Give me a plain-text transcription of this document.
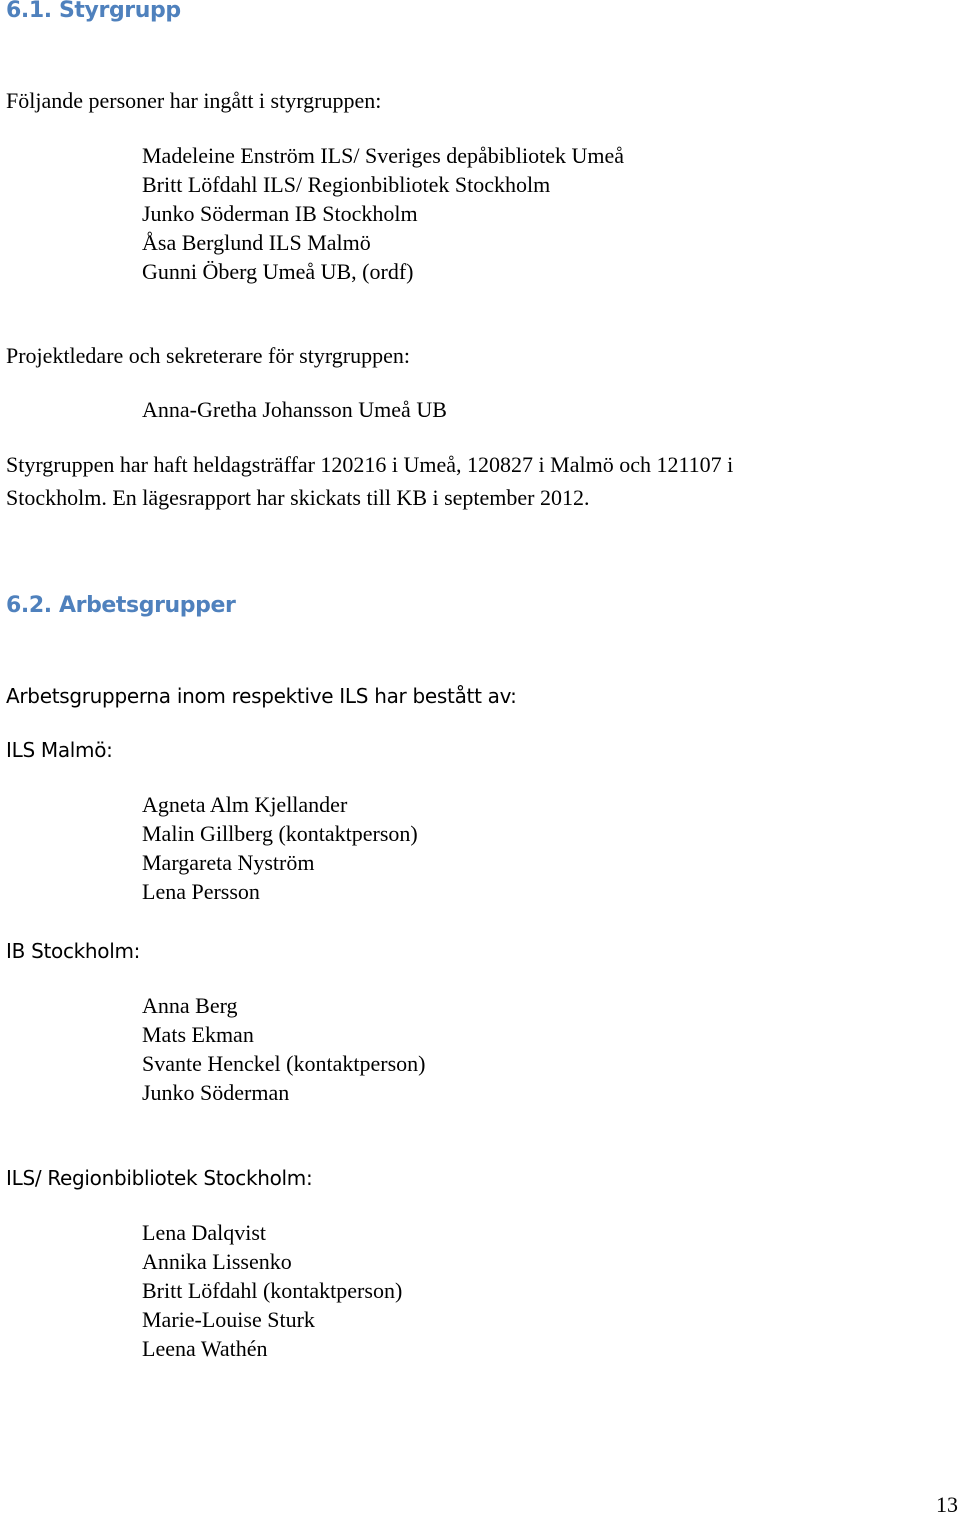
6.1. Styrgrupp
Följande personer har ingått i styrgruppen:
Madeleine Enström ILS/ Sveriges depåbibliotek Umeå
Britt Löfdahl ILS/ Regionbibliotek Stockholm
Junko Söderman IB Stockholm
Åsa Berglund ILS Malmö
Gunni Öberg Umeå UB, (ordf)
Projektledare och sekreterare för styrgruppen:
Anna-Gretha Johansson Umeå UB
Styrgruppen har haft heldagsträffar 120216 i Umeå, 120827 i Malmö och 121107 i
Stockholm. En lägesrapport har skickats till KB i september 2012.
6.2. Arbetsgrupper
Arbetsgrupperna inom respektive ILS har bestått av:
ILS Malmö:
Agneta Alm Kjellander
Malin Gillberg (kontaktperson)
Margareta Nyström
Lena Persson
IB Stockholm:
Anna Berg
Mats Ekman
Svante Henckel (kontaktperson)
Junko Söderman
ILS/ Regionbibliotek Stockholm:
Lena Dalqvist
Annika Lissenko
Britt Löfdahl (kontaktperson)
Marie-Louise Sturk
Leena Wathén
13
